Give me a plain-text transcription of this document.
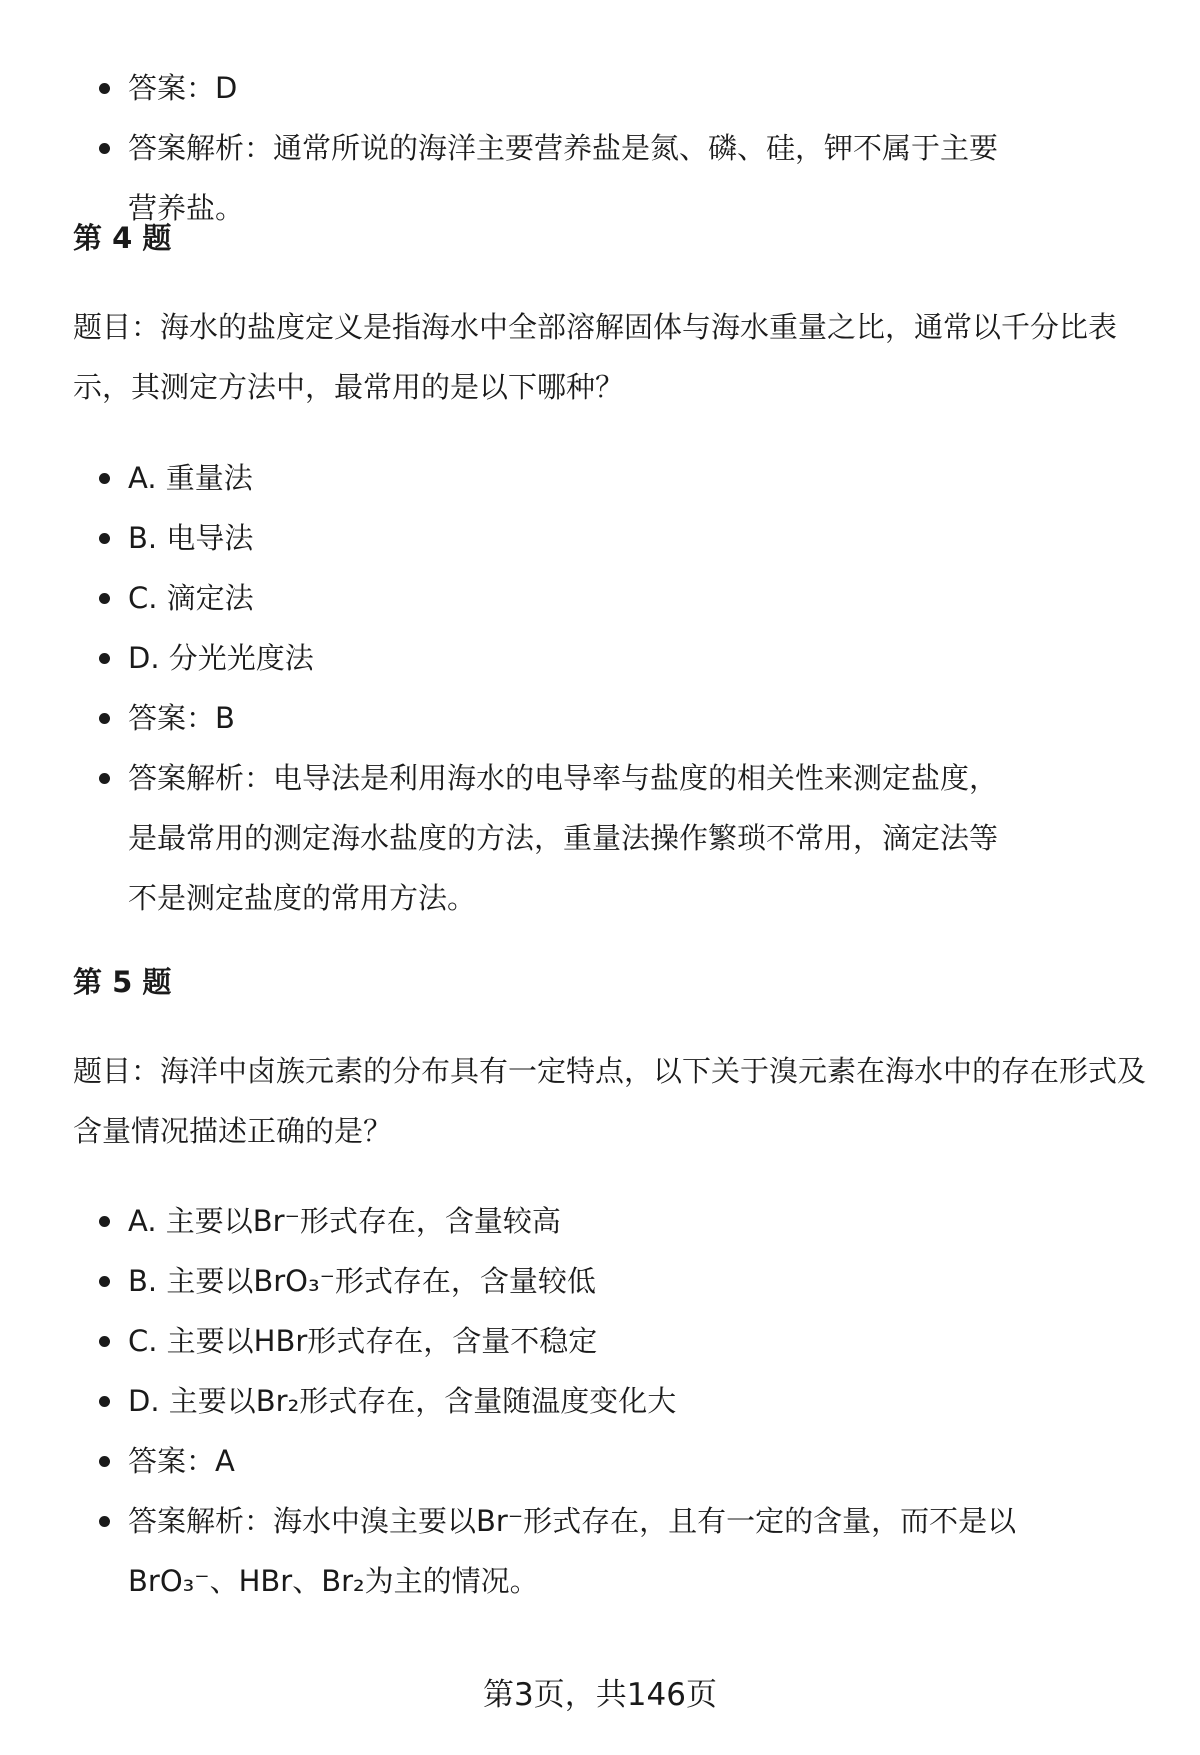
答案：D
答案解析：通常所说的海洋主要营养盐是氮、磷、硅，钾不属于主要营养盐。
第 4 题

题目：海水的盐度定义是指海水中全部溶解固体与海水重量之比，通常以千分比表示，其测定方法中，最常用的是以下哪种？

A. 重量法
B. 电导法
C. 滴定法
D. 分光光度法
答案：B
答案解析：电导法是利用海水的电导率与盐度的相关性来测定盐度，是最常用的测定海水盐度的方法，重量法操作繁琐不常用，滴定法等不是测定盐度的常用方法。
第 5 题

题目：海洋中卤族元素的分布具有一定特点，以下关于溴元素在海水中的存在形式及含量情况描述正确的是？

A. 主要以Br⁻形式存在，含量较高
B. 主要以BrO₃⁻形式存在，含量较低
C. 主要以HBr形式存在，含量不稳定
D. 主要以Br₂形式存在，含量随温度变化大
答案：A
答案解析：海水中溴主要以Br⁻形式存在，且有一定的含量，而不是以BrO₃⁻、HBr、Br₂为主的情况。
第3页，共146页
